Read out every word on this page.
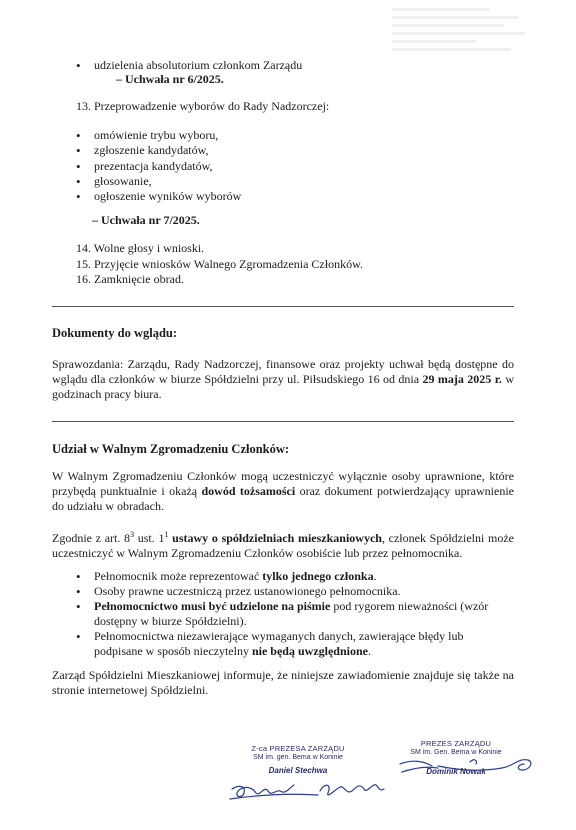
• udzielenia absolutorium członkom Zarządu
– Uchwała nr 6/2025.
13. Przeprowadzenie wyborów do Rady Nadzorczej:
• omówienie trybu wyboru,
• zgłoszenie kandydatów,
• prezentacja kandydatów,
• głosowanie,
• ogłoszenie wyników wyborów
– Uchwała nr 7/2025.
14. Wolne głosy i wnioski.
15. Przyjęcie wniosków Walnego Zgromadzenia Członków.
16. Zamknięcie obrad.
Dokumenty do wglądu:
Sprawozdania: Zarządu, Rady Nadzorczej, finansowe oraz projekty uchwał będą dostępne do wglądu dla członków w biurze Spółdzielni przy ul. Piłsudskiego 16 od dnia 29 maja 2025 r. w godzinach pracy biura.
Udział w Walnym Zgromadzeniu Członków:
W Walnym Zgromadzeniu Członków mogą uczestniczyć wyłącznie osoby uprawnione, które przybędą punktualnie i okażą dowód tożsamości oraz dokument potwierdzający uprawnienie do udziału w obradach.
Zgodnie z art. $8^3$ ust. $1^1$ ustawy o spółdzielniach mieszkaniowych, członek Spółdzielni może uczestniczyć w Walnym Zgromadzeniu Członków osobiście lub przez pełnomocnika.
• Pełnomocnik może reprezentować tylko jednego członka.
• Osoby prawne uczestniczą przez ustanowionego pełnomocnika.
• Pełnomocnictwo musi być udzielone na piśmie pod rygorem nieważności (wzór dostępny w biurze Spółdzielni).
• Pełnomocnictwa niezawierające wymaganych danych, zawierające błędy lub podpisane w sposób nieczytelny nie będą uwzględnione.
Zarząd Spółdzielni Mieszkaniowej informuje, że niniejsze zawiadomienie znajduje się także na stronie internetowej Spółdzielni.
Z-ca PREZESA ZARZĄDU
SM im. gen. Bema w Koninie
Daniel Stechwa
PREZES ZARZĄDU
SM im. Gen. Bema w Koninie
Dominik Nowak
